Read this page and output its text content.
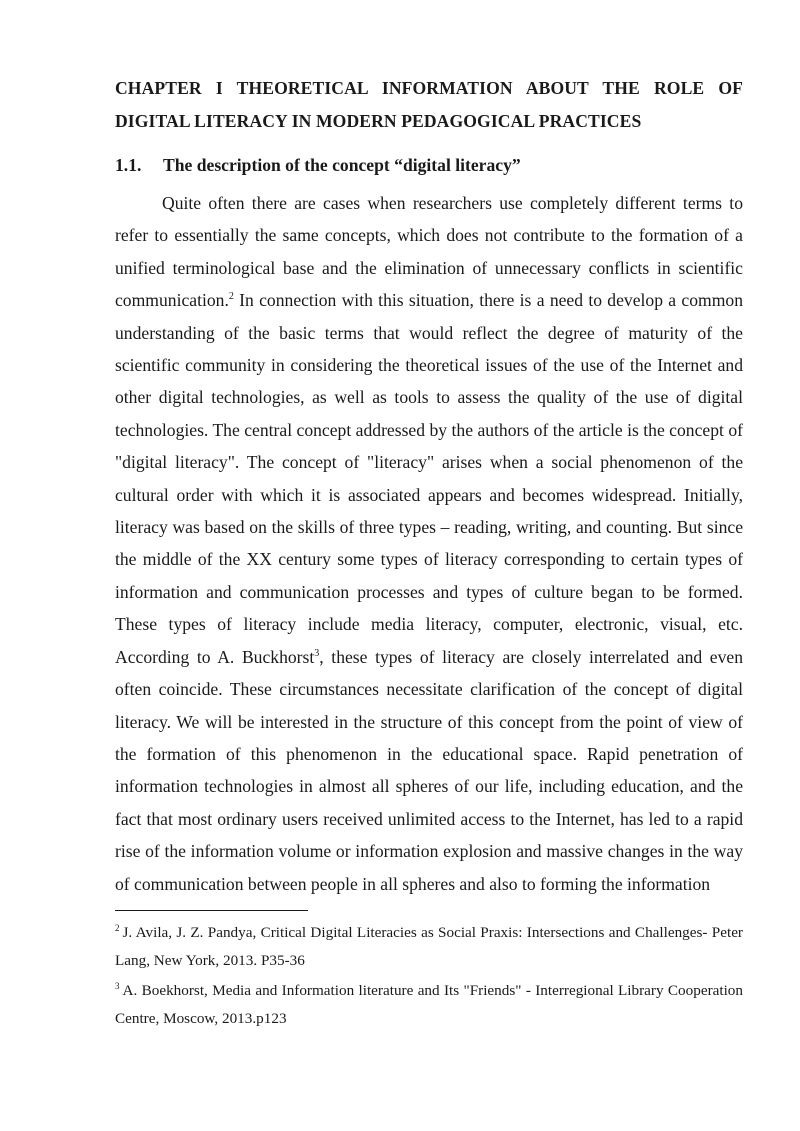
CHAPTER I THEORETICAL INFORMATION ABOUT THE ROLE OF DIGITAL LITERACY IN MODERN PEDAGOGICAL PRACTICES
1.1.	The description of the concept “digital literacy”

Quite often there are cases when researchers use completely different terms to refer to essentially the same concepts, which does not contribute to the formation of a unified terminological base and the elimination of unnecessary conflicts in scientific communication.$^2$ In connection with this situation, there is a need to develop a common understanding of the basic terms that would reflect the degree of maturity of the scientific community in considering the theoretical issues of the use of the Internet and other digital technologies, as well as tools to assess the quality of the use of digital technologies. The central concept addressed by the authors of the article is the concept of "digital literacy". The concept of "literacy" arises when a social phenomenon of the cultural order with which it is associated appears and becomes widespread. Initially, literacy was based on the skills of three types – reading, writing, and counting. But since the middle of the XX century some types of literacy corresponding to certain types of information and communication processes and types of culture began to be formed. These types of literacy include media literacy, computer, electronic, visual, etc. According to A. Buckhorst$^3$, these types of literacy are closely interrelated and even often coincide. These circumstances necessitate clarification of the concept of digital literacy. We will be interested in the structure of this concept from the point of view of the formation of this phenomenon in the educational space. Rapid penetration of information technologies in almost all spheres of our life, including education, and the fact that most ordinary users received unlimited access to the Internet, has led to a rapid rise of the information volume or information explosion and massive changes in the way of communication between people in all spheres and also to forming the information

$^2$ J. Avila, J. Z. Pandya, Critical Digital Literacies as Social Praxis: Intersections and Challenges- Peter Lang, New York, 2013. P35-36

$^3$ A. Boekhorst, Media and Information literature and Its "Friends" - Interregional Library Cooperation Centre, Moscow, 2013.p123
